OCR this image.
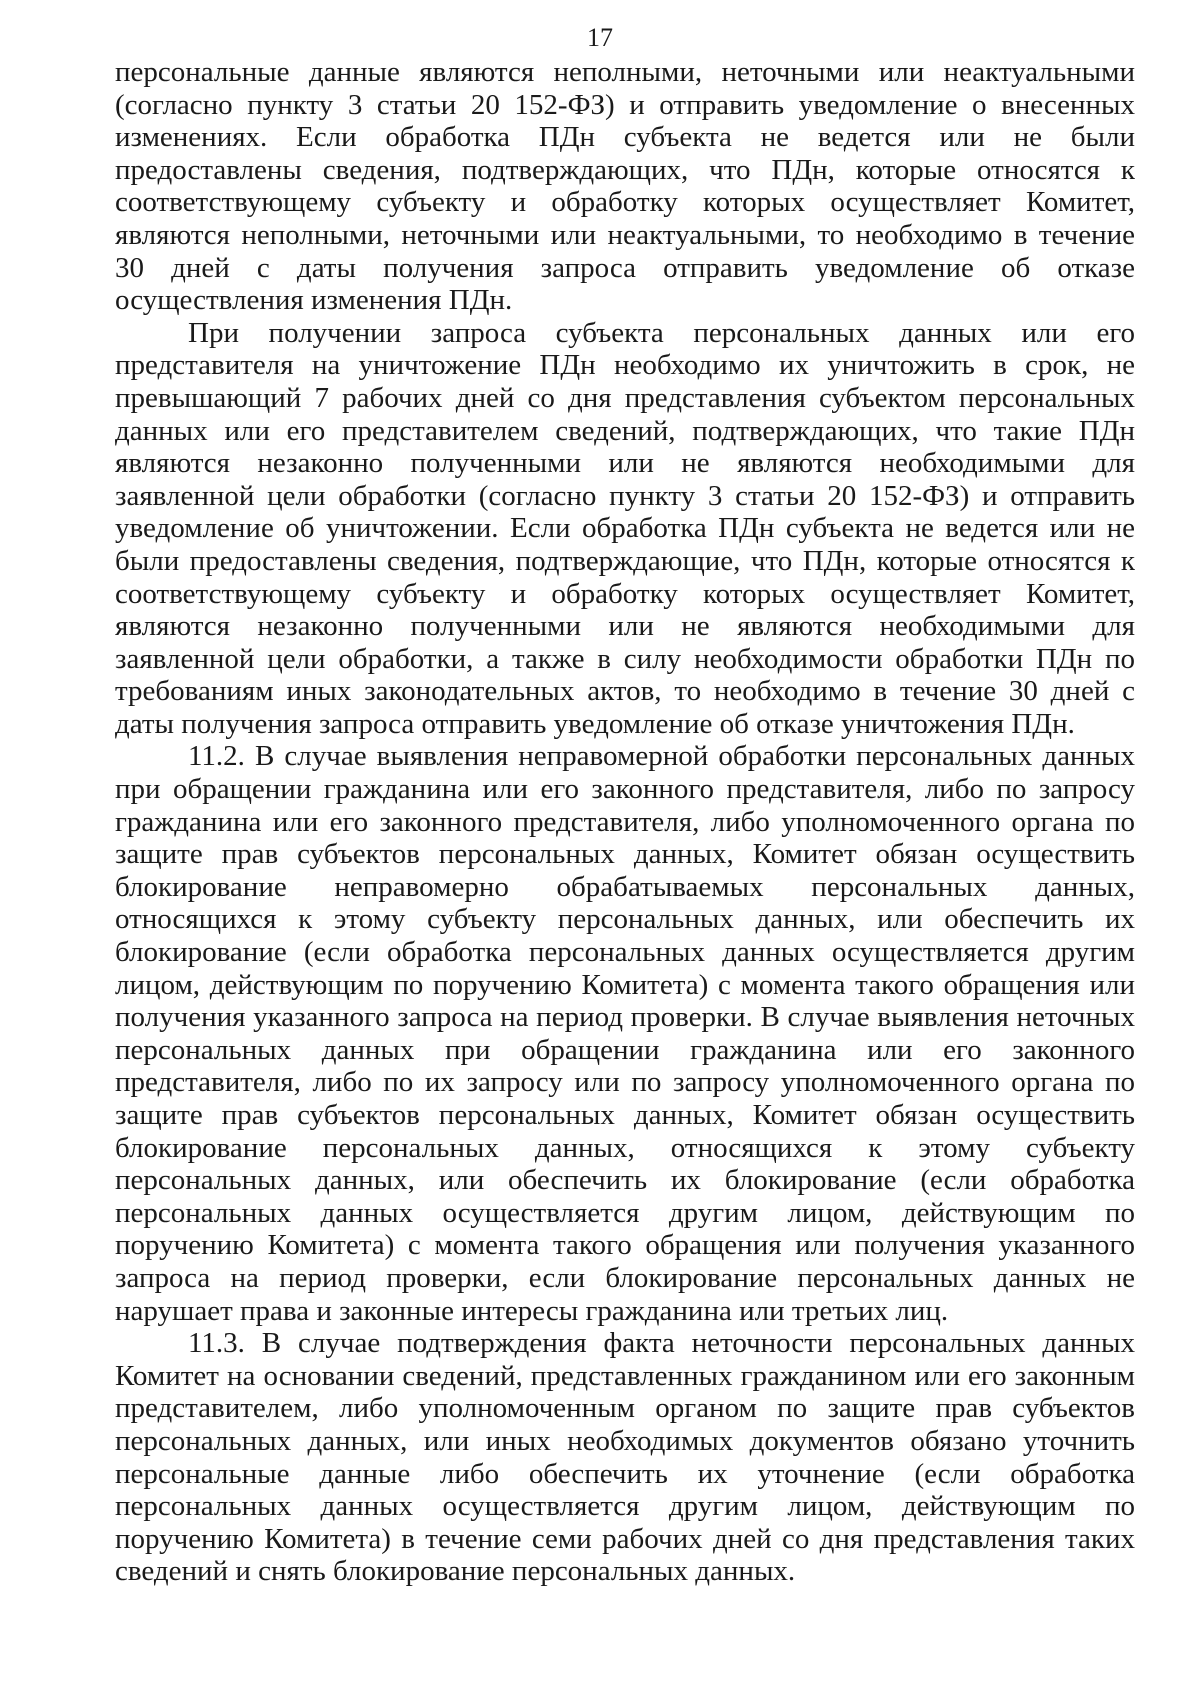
17

персональные данные являются неполными, неточными или неактуальными (согласно пункту 3 статьи 20 152-ФЗ) и отправить уведомление о внесенных изменениях. Если обработка ПДн субъекта не ведется или не были предоставлены сведения, подтверждающих, что ПДн, которые относятся к соответствующему субъекту и обработку которых осуществляет Комитет, являются неполными, неточными или неактуальными, то необходимо в течение 30 дней с даты получения запроса отправить уведомление об отказе осуществления изменения ПДн.

При получении запроса субъекта персональных данных или его представителя на уничтожение ПДн необходимо их уничтожить в срок, не превышающий 7 рабочих дней со дня представления субъектом персональных данных или его представителем сведений, подтверждающих, что такие ПДн являются незаконно полученными или не являются необходимыми для заявленной цели обработки (согласно пункту 3 статьи 20 152-ФЗ) и отправить уведомление об уничтожении. Если обработка ПДн субъекта не ведется или не были предоставлены сведения, подтверждающие, что ПДн, которые относятся к соответствующему субъекту и обработку которых осуществляет Комитет, являются незаконно полученными или не являются необходимыми для заявленной цели обработки, а также в силу необходимости обработки ПДн по требованиям иных законодательных актов, то необходимо в течение 30 дней с даты получения запроса отправить уведомление об отказе уничтожения ПДн.

11.2. В случае выявления неправомерной обработки персональных данных при обращении гражданина или его законного представителя, либо по запросу гражданина или его законного представителя, либо уполномоченного органа по защите прав субъектов персональных данных, Комитет обязан осуществить блокирование неправомерно обрабатываемых персональных данных, относящихся к этому субъекту персональных данных, или обеспечить их блокирование (если обработка персональных данных осуществляется другим лицом, действующим по поручению Комитета) с момента такого обращения или получения указанного запроса на период проверки. В случае выявления неточных персональных данных при обращении гражданина или его законного представителя, либо по их запросу или по запросу уполномоченного органа по защите прав субъектов персональных данных, Комитет обязан осуществить блокирование персональных данных, относящихся к этому субъекту персональных данных, или обеспечить их блокирование (если обработка персональных данных осуществляется другим лицом, действующим по поручению Комитета) с момента такого обращения или получения указанного запроса на период проверки, если блокирование персональных данных не нарушает права и законные интересы гражданина или третьих лиц.

11.3. В случае подтверждения факта неточности персональных данных Комитет на основании сведений, представленных гражданином или его законным представителем, либо уполномоченным органом по защите прав субъектов персональных данных, или иных необходимых документов обязано уточнить персональные данные либо обеспечить их уточнение (если обработка персональных данных осуществляется другим лицом, действующим по поручению Комитета) в течение семи рабочих дней со дня представления таких сведений и снять блокирование персональных данных.
